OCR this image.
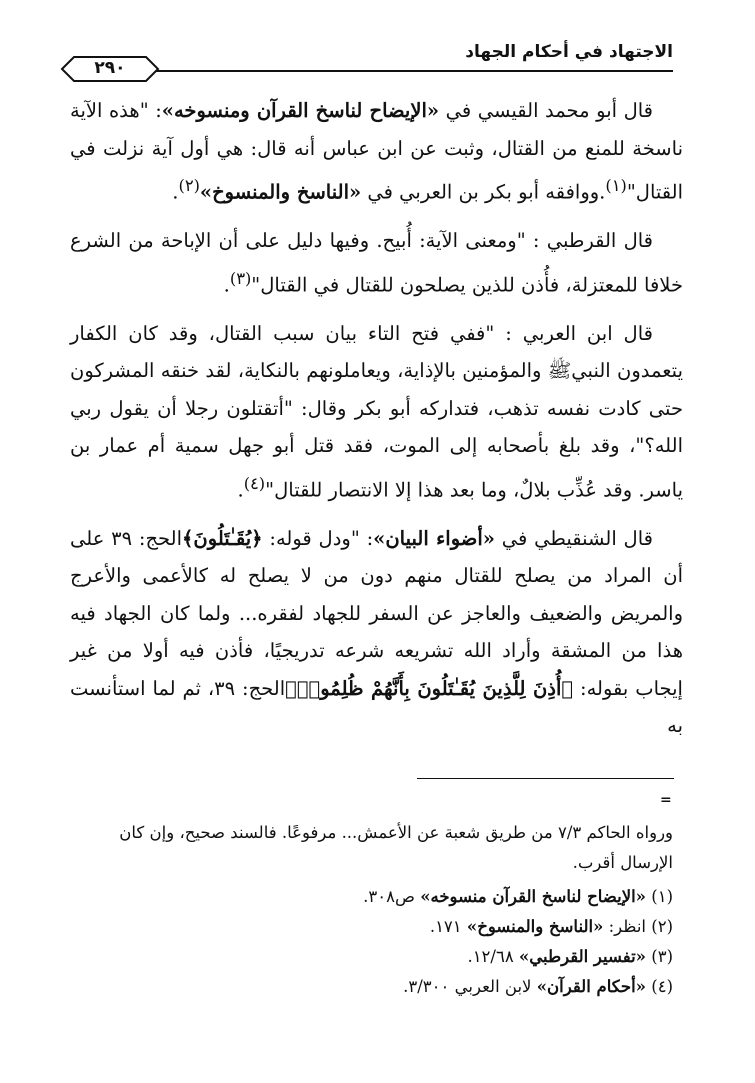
الاجتهاد في أحكام الجهاد
٢٩٠

قال أبو محمد القيسي في «الإيضاح لناسخ القرآن ومنسوخه»: "هذه الآية ناسخة للمنع من القتال، وثبت عن ابن عباس أنه قال: هي أول آية نزلت في القتال"$^{(١)}$.ووافقه أبو بكر بن العربي في «الناسخ والمنسوخ»$^{(٢)}$.

قال القرطبي : "ومعنى الآية: أُبيح. وفيها دليل على أن الإباحة من الشرع خلافا للمعتزلة، فأُذن للذين يصلحون للقتال في القتال"$^{(٣)}$.

قال ابن العربي : "ففي فتح التاء بيان سبب القتال، وقد كان الكفار يتعمدون النبيﷺ والمؤمنين بالإذاية، ويعاملونهم بالنكاية، لقد خنقه المشركون حتى كادت نفسه تذهب، فتداركه أبو بكر وقال: "أتقتلون رجلا أن يقول ربي الله؟"، وقد بلغ بأصحابه إلى الموت، فقد قتل أبو جهل سمية أم عمار بن ياسر. وقد عُذِّب بلالٌ، وما بعد هذا إلا الانتصار للقتال"$^{(٤)}$.

قال الشنقيطي في «أضواء البيان»: "ودل قوله: ﴿يُقَـٰتَلُونَ﴾الحج: ٣٩ على أن المراد من يصلح للقتال منهم دون من لا يصلح له كالأعمى والأعرج والمريض والضعيف والعاجز عن السفر للجهاد لفقره... ولما كان الجهاد فيه هذا من المشقة وأراد الله تشريعه شرعه تدريجيًا، فأذن فيه أولا من غير إيجاب بقوله: ﴿أُذِنَ لِلَّذِينَ يُقَـٰتَلُونَ بِأَنَّهُمْ ظُلِمُوا۟﴾الحج: ٣٩، ثم لما استأنست به

=

ورواه الحاكم ٧/٣ من طريق شعبة عن الأعمش... مرفوعًا. فالسند صحيح، وإن كان الإرسال أقرب.

(١) «الإيضاح لناسخ القرآن منسوخه» ص٣٠٨.

(٢) انظر: «الناسخ والمنسوخ» ١٧١.

(٣) «تفسير القرطبي» ١٢/٦٨.

(٤) «أحكام القرآن» لابن العربي ٣/٣٠٠.
